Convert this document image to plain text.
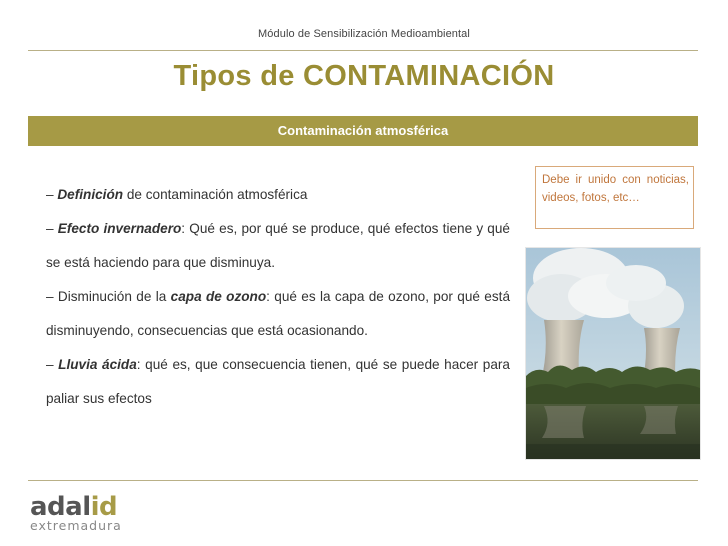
Módulo de Sensibilización Medioambiental
Tipos de CONTAMINACIÓN
Contaminación atmosférica

– Definición de contaminación atmosférica

– Efecto invernadero: Qué es, por qué se produce, qué efectos tiene y qué se está haciendo para que disminuya.

– Disminución de la capa de ozono: qué es la capa de ozono, por qué está disminuyendo, consecuencias que está ocasionando.

– Lluvia ácida: qué es, que consecuencia tienen, qué se puede hacer para paliar sus efectos

Debe ir unido con noticias, videos, fotos, etc…
adalid
extremadura
